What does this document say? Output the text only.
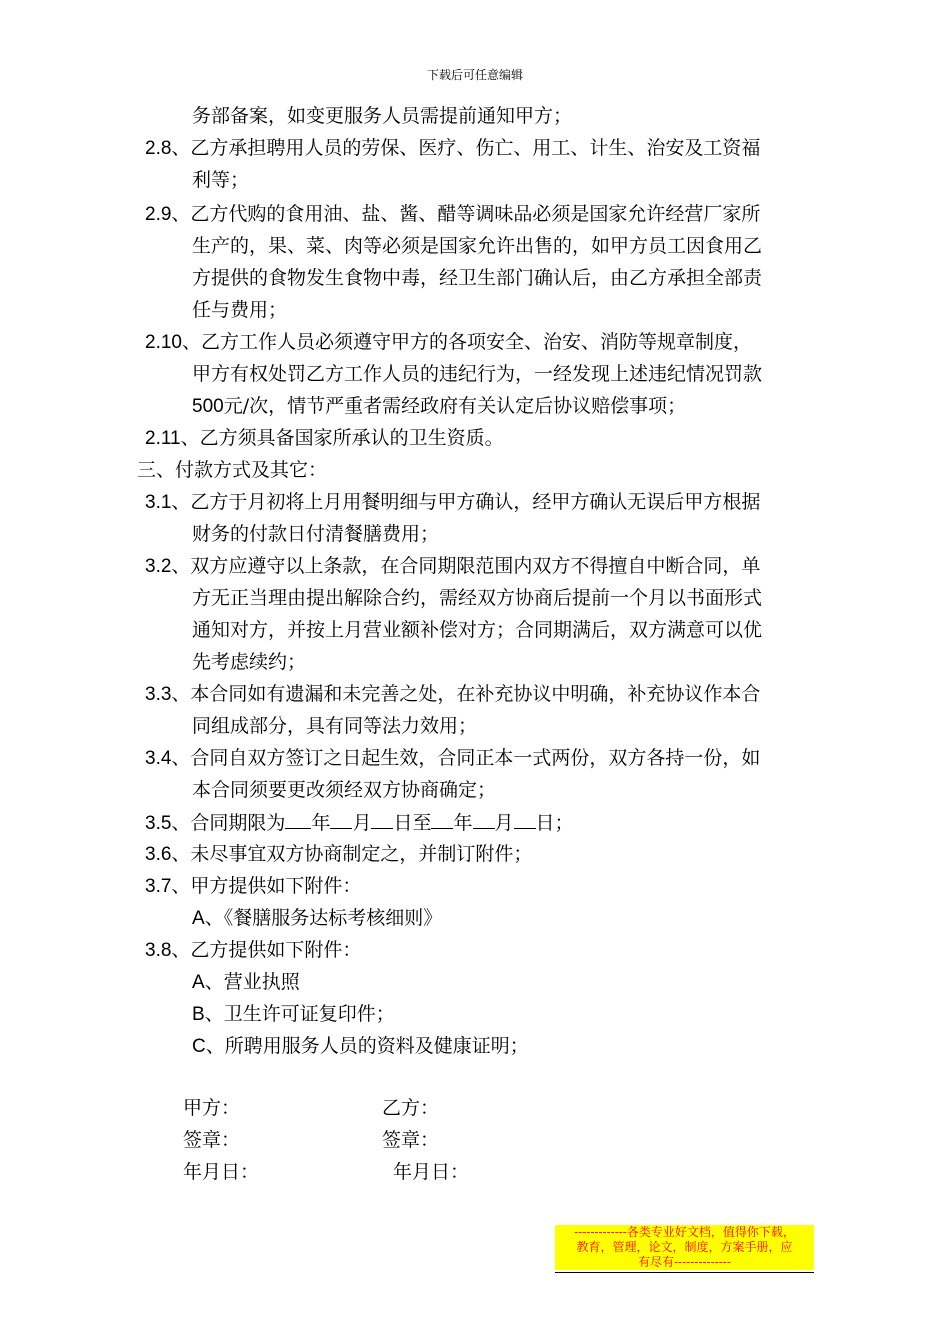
下载后可任意编辑
务部备案，如变更服务人员需提前通知甲方；
2.8、乙方承担聘用人员的劳保、医疗、伤亡、用工、计生、治安及工资福
利等；
2.9、乙方代购的食用油、盐、酱、醋等调味品必须是国家允许经营厂家所
生产的，果、菜、肉等必须是国家允许出售的，如甲方员工因食用乙
方提供的食物发生食物中毒，经卫生部门确认后，由乙方承担全部责
任与费用；
2.10、乙方工作人员必须遵守甲方的各项安全、治安、消防等规章制度，
甲方有权处罚乙方工作人员的违纪行为，一经发现上述违纪情况罚款
500元/次，情节严重者需经政府有关认定后协议赔偿事项；
2.11、乙方须具备国家所承认的卫生资质。
三、付款方式及其它：
3.1、乙方于月初将上月用餐明细与甲方确认，经甲方确认无误后甲方根据
财务的付款日付清餐膳费用；
3.2、双方应遵守以上条款，在合同期限范围内双方不得擅自中断合同，单
方无正当理由提出解除合约，需经双方协商后提前一个月以书面形式
通知对方，并按上月营业额补偿对方；合同期满后，双方满意可以优
先考虑续约；
3.3、本合同如有遗漏和未完善之处，在补充协议中明确，补充协议作本合
同组成部分，具有同等法力效用；
3.4、合同自双方签订之日起生效，合同正本一式两份，双方各持一份，如
本合同须要更改须经双方协商确定；
3.5、合同期限为 年 月 日至 年 月 日；
3.6、未尽事宜双方协商制定之，并制订附件；
3.7、甲方提供如下附件：
A、《餐膳服务达标考核细则》
3.8、乙方提供如下附件：
A、营业执照
B、卫生许可证复印件；
C、所聘用服务人员的资料及健康证明；
甲方：	乙方：
签章：	签章：
年月日：	年月日：
-------------各类专业好文档，值得你下载，
教育，管理，论文，制度，方案手册，应
有尽有--------------
